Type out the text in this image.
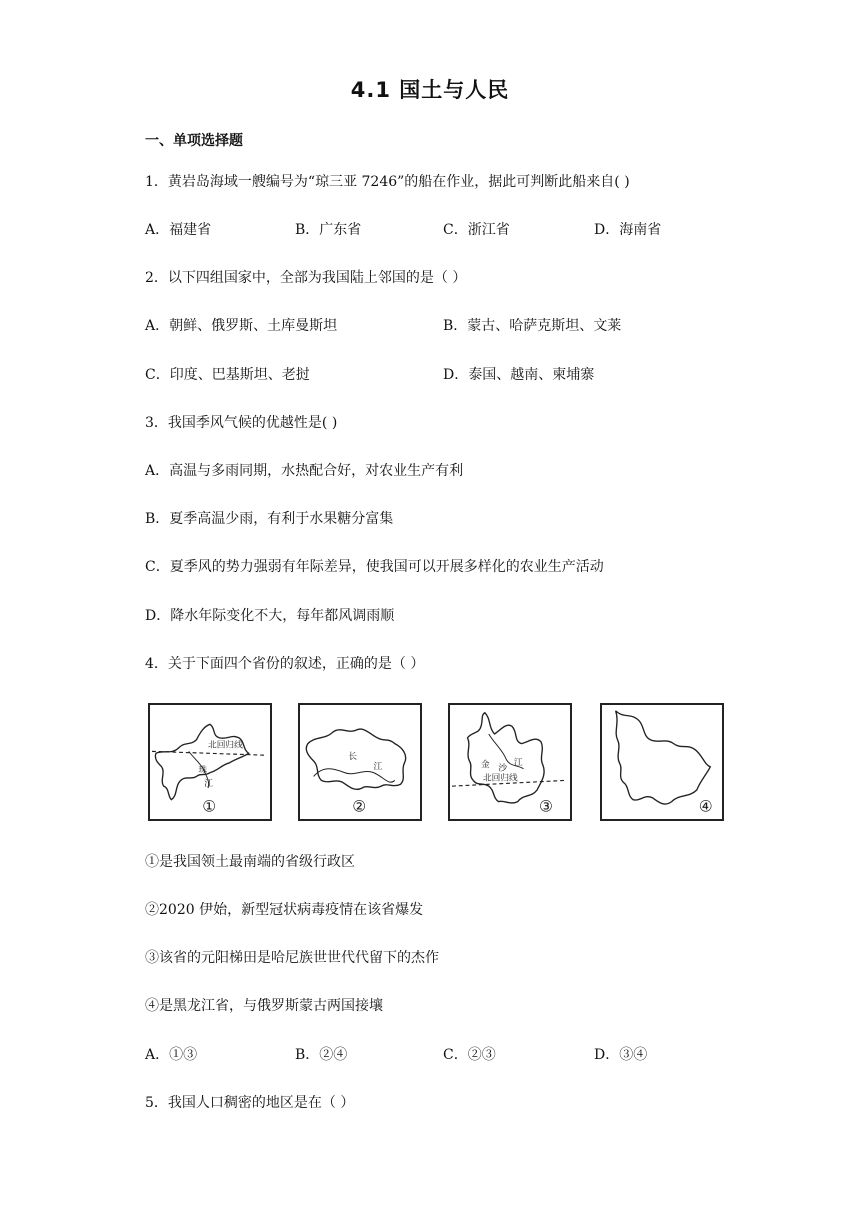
4.1 国土与人民
一、单项选择题
1．黄岩岛海域一艘编号为“琼三亚 7246”的船在作业，据此可判断此船来自( )
A．福建省	B．广东省	C．浙江省	D．海南省
2．以下四组国家中，全部为我国陆上邻国的是（ ）
A．朝鲜、俄罗斯、土库曼斯坦	B．蒙古、哈萨克斯坦、文莱
C．印度、巴基斯坦、老挝	D．泰国、越南、柬埔寨
3．我国季风气候的优越性是( )
A．高温与多雨同期，水热配合好，对农业生产有利
B．夏季高温少雨，有利于水果糖分富集
C．夏季风的势力强弱有年际差异，使我国可以开展多样化的农业生产活动
D．降水年际变化不大，每年都风调雨顺
4．关于下面四个省份的叙述，正确的是（ ）
北回归线
珠
江
①
长
江
②
金 沙
江
北回归线
③	④
①是我国领土最南端的省级行政区
②2020 伊始，新型冠状病毒疫情在该省爆发
③该省的元阳梯田是哈尼族世世代代留下的杰作
④是黑龙江省，与俄罗斯蒙古两国接壤
A．①③	B．②④	C．②③	D．③④
5．我国人口稠密的地区是在（ ）
